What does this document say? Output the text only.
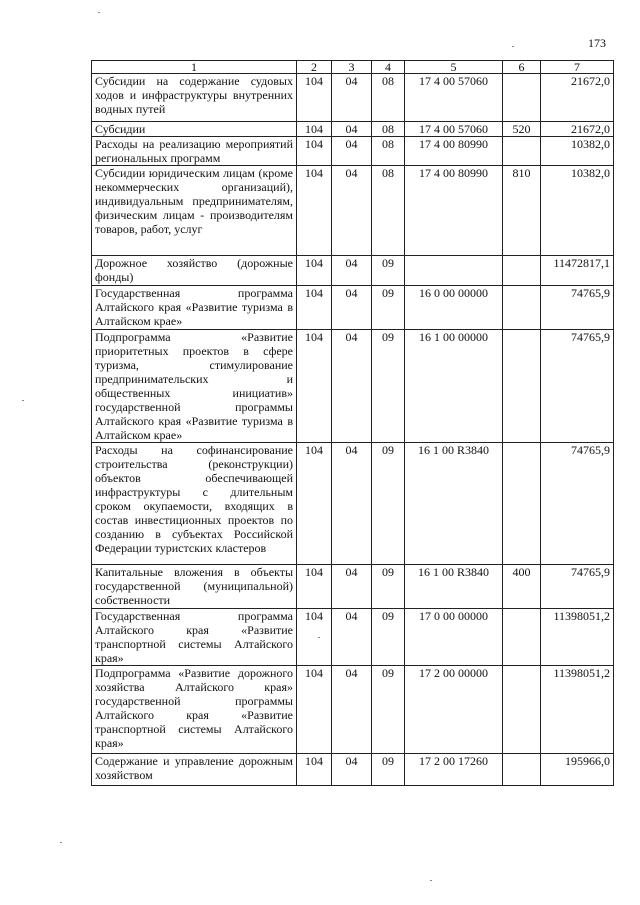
173
1	2	3	4	5	6	7
Субсидии на содержание судовых ходов и инфраструктуры внутренних водных путей	104	04	08	17 4 00 57060		21672,0
Субсидии	104	04	08	17 4 00 57060	520	21672,0
Расходы на реализацию мероприятий региональных программ	104	04	08	17 4 00 80990		10382,0
Субсидии юридическим лицам (кроме некоммерческих организаций), индивидуальным предпринимателям, физическим лицам - производителям товаров, работ, услуг	104	04	08	17 4 00 80990	810	10382,0
Дорожное хозяйство (дорожные фонды)	104	04	09			11472817,1
Государственная программа Алтайского края «Развитие туризма в Алтайском крае»	104	04	09	16 0 00 00000		74765,9
Подпрограмма «Развитие приоритетных проектов в сфере туризма, стимулирование предпринимательских и общественных инициатив» государственной программы Алтайского края «Развитие туризма в Алтайском крае»	104	04	09	16 1 00 00000		74765,9
Расходы на софинансирование строительства (реконструкции) объектов обеспечивающей инфраструктуры с длительным сроком окупаемости, входящих в состав инвестиционных проектов по созданию в субъектах Российской Федерации туристских кластеров	104	04	09	16 1 00 R3840		74765,9
Капитальные вложения в объекты государственной (муниципальной) собственности	104	04	09	16 1 00 R3840	400	74765,9
Государственная программа Алтайского края «Развитие транспортной системы Алтайского края»	104	04	09	17 0 00 00000		11398051,2
Подпрограмма «Развитие дорожного хозяйства Алтайского края» государственной программы Алтайского края «Развитие транспортной системы Алтайского края»	104	04	09	17 2 00 00000		11398051,2
Содержание и управление дорожным хозяйством	104	04	09	17 2 00 17260		195966,0
